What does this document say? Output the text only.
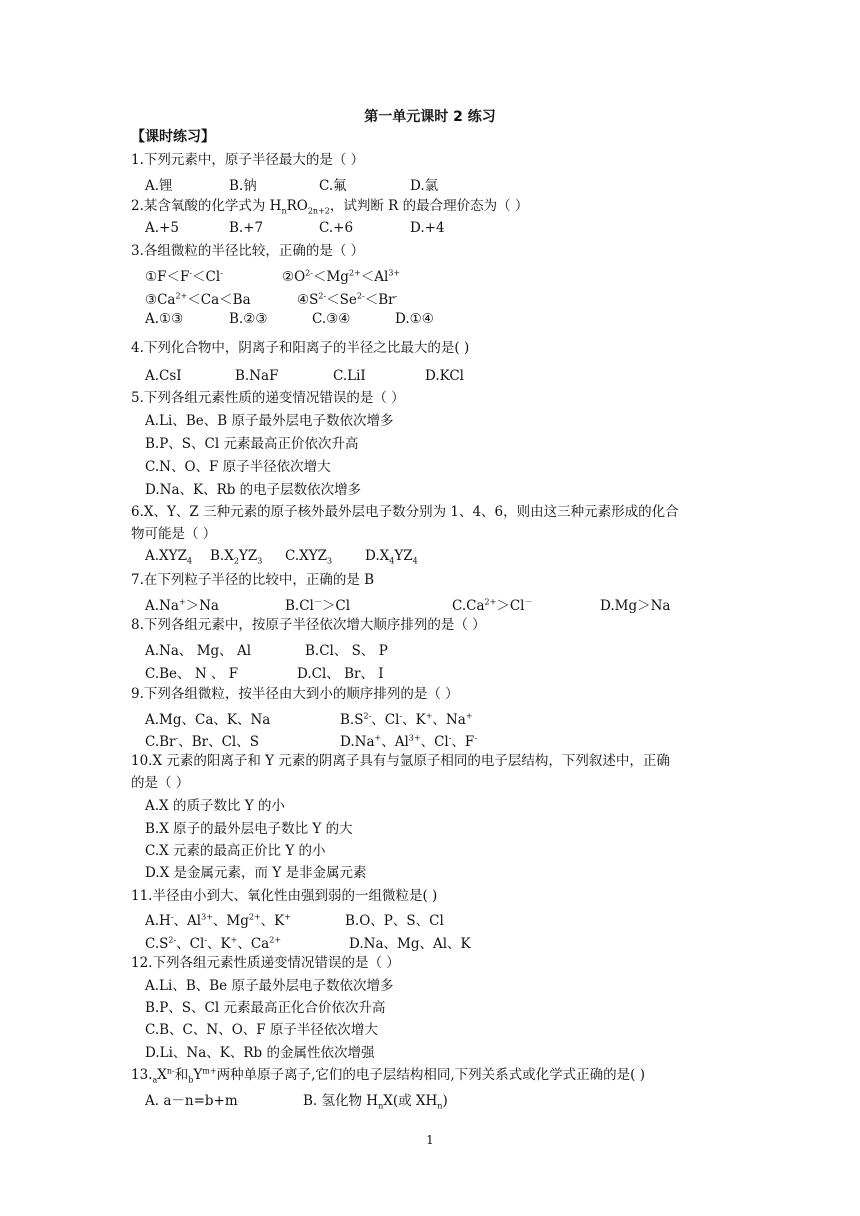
第一单元课时 2 练习
【课时练习】
1.下列元素中，原子半径最大的是（ ）
A.锂	B.钠	C.氟	D.氯
2.某含氧酸的化学式为 $H_nRO_{2n+2}$，试判断 R 的最合理价态为（ ）
A.+5	B.+7	C.+6	D.+4
3.各组微粒的半径比较，正确的是（ ）
①F＜F-＜Cl-	$②O^{2-}<Mg^{2+}<Al^{3+}$
$③Ca^{2+}<Ca<Ba$	$④S^{2-}<Se^{2-}<Br^-$
A.①③	B.②③	C.③④	D.①④
4.下列化合物中，阴离子和阳离子的半径之比最大的是( )
A.CsI	B.NaF	C.LiI	D.KCl
5.下列各组元素性质的递变情况错误的是（ ）
A.Li、Be、B 原子最外层电子数依次增多
B.P、S、Cl 元素最高正价依次升高
C.N、O、F 原子半径依次增大
D.Na、K、Rb 的电子层数依次增多
6.X、Y、Z 三种元素的原子核外最外层电子数分别为 1、4、6，则由这三种元素形成的化合
物可能是（ ）
$A.XYZ_4$ $B.X_2YZ_3$ $C.XYZ_3$ $D.X_4YZ_4$
7.在下列粒子半径的比较中，正确的是 B
A.Na+＞Na	B.Cl－＞Cl	$C.Ca^{2+}>Cl^-$	D.Mg＞Na
8.下列各组元素中，按原子半径依次增大顺序排列的是（ ）
A.Na、 Mg、 Al	B.Cl、 S、 P
C.Be、 N 、 F	D.Cl、 Br、 I
9.下列各组微粒，按半径由大到小的顺序排列的是（ ）
A.Mg、Ca、K、Na	$B.S^{2-}$、Cl-、K+、Na+
C.Br-、Br、Cl、S	D.Na+、$Al^{3+}$、Cl-、F-
10.X 元素的阳离子和 Y 元素的阴离子具有与氩原子相同的电子层结构，下列叙述中，正确
的是（ ）
A.X 的质子数比 Y 的小
B.X 原子的最外层电子数比 Y 的大
C.X 元素的最高正价比 Y 的小
D.X 是金属元素，而 Y 是非金属元素
11.半径由小到大、氧化性由强到弱的一组微粒是( )
A.H-、$Al^{3+}$、$Mg^{2+}$、K+	B.O、P、S、Cl
$C.S^{2-}$、Cl-、K+、$Ca^{2+}$	D.Na、Mg、Al、K
12.下列各组元素性质递变情况错误的是（ ）
A.Li、B、Be 原子最外层电子数依次增多
B.P、S、Cl 元素最高正化合价依次升高
C.B、C、N、O、F 原子半径依次增大
D.Li、Na、K、Rb 的金属性依次增强
$13._aX^{n-}$和$_bY^{m+}$两种单原子离子,它们的电子层结构相同,下列关系式或化学式正确的是( )
A. a－n=b+m	B. 氢化物 $H_nX$(或 $XH_n$)
1
